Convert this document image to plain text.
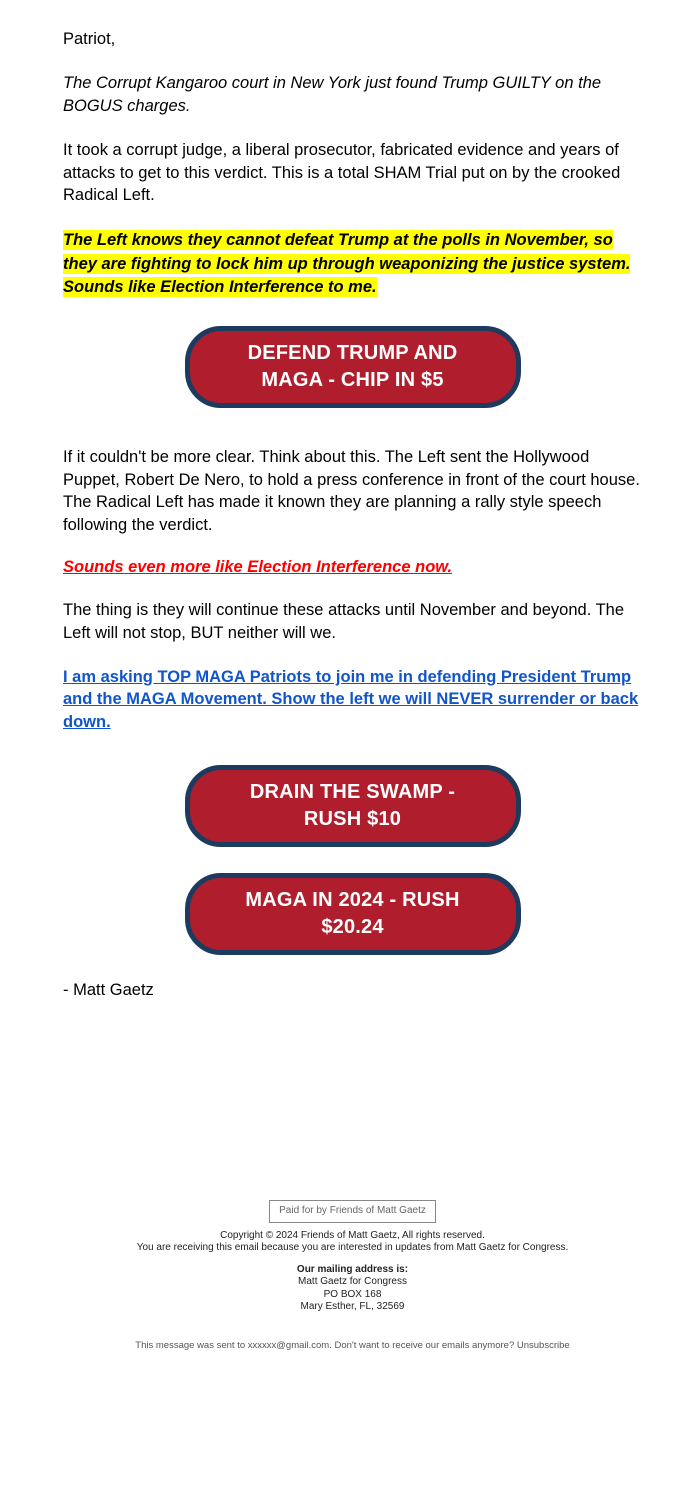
Patriot,

The Corrupt Kangaroo court in New York just found Trump GUILTY on the BOGUS charges.

It took a corrupt judge, a liberal prosecutor, fabricated evidence and years of attacks to get to this verdict. This is a total SHAM Trial put on by the crooked Radical Left.

The Left knows they cannot defeat Trump at the polls in November, so they are fighting to lock him up through weaponizing the justice system. Sounds like Election Interference to me.

DEFEND TRUMP AND
MAGA - CHIP IN $5

If it couldn't be more clear. Think about this. The Left sent the Hollywood Puppet, Robert De Nero, to hold a press conference in front of the court house. The Radical Left has made it known they are planning a rally style speech following the verdict.

Sounds even more like Election Interference now.

The thing is they will continue these attacks until November and beyond. The Left will not stop, BUT neither will we.

I am asking TOP MAGA Patriots to join me in defending President Trump and the MAGA Movement. Show the left we will NEVER surrender or back down.

DRAIN THE SWAMP -
RUSH $10
MAGA IN 2024 - RUSH
$20.24

- Matt Gaetz

Paid for by Friends of Matt Gaetz

Copyright © 2024 Friends of Matt Gaetz, All rights reserved.

You are receiving this email because you are interested in updates from Matt Gaetz for Congress.

Our mailing address is:

Matt Gaetz for Congress

PO BOX 168

Mary Esther, FL, 32569

This message was sent to xxxxxx@gmail.com. Don't want to receive our emails anymore? Unsubscribe
